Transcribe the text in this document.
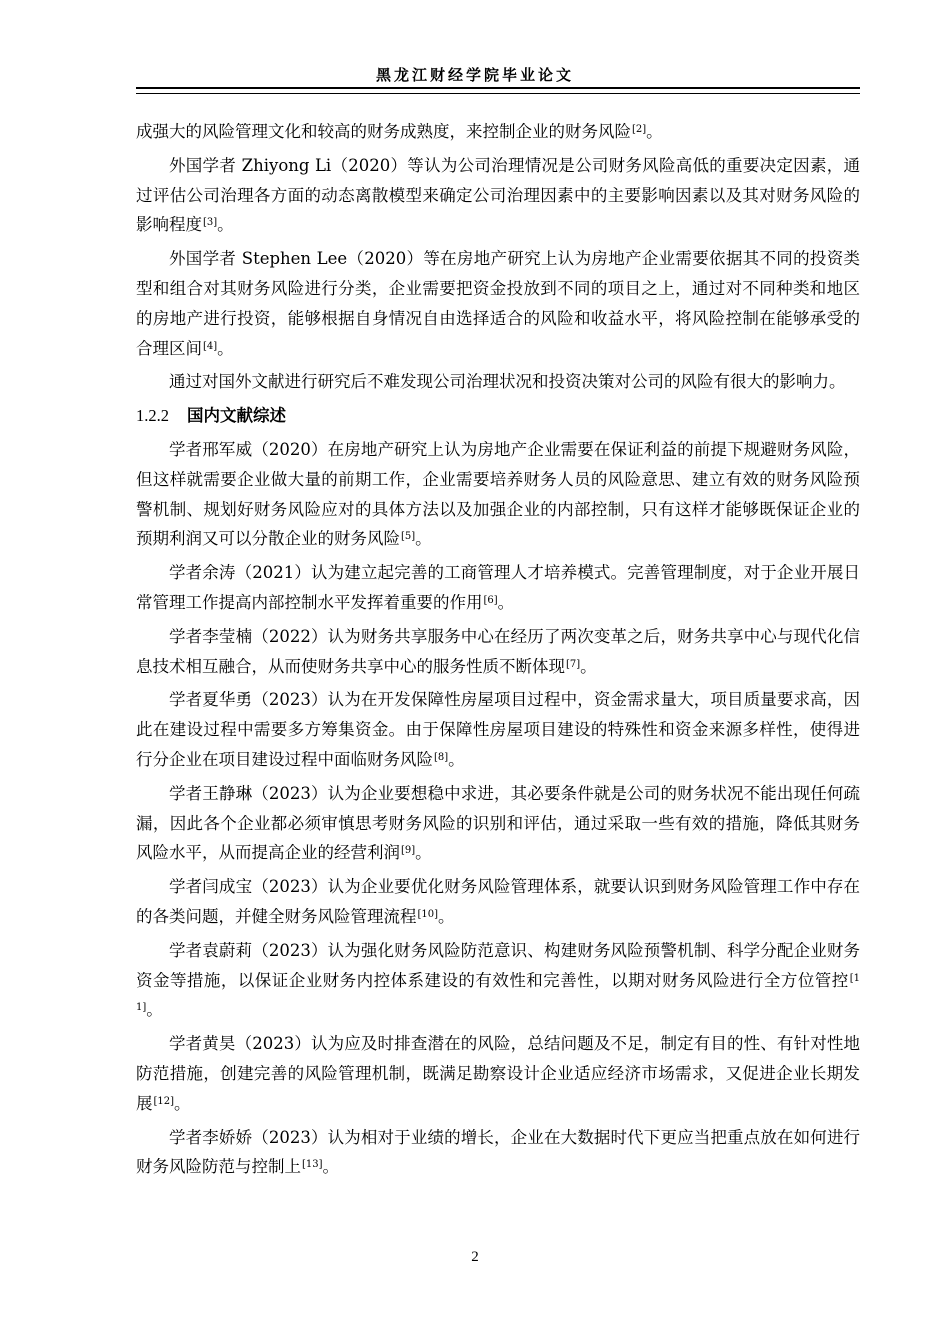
黑龙江财经学院毕业论文
成强大的风险管理文化和较高的财务成熟度，来控制企业的财务风险[2]。
外国学者 Zhiyong Li（2020）等认为公司治理情况是公司财务风险高低的重要决定因素，通过评估公司治理各方面的动态离散模型来确定公司治理因素中的主要影响因素以及其对财务风险的影响程度[3]。
外国学者 Stephen Lee（2020）等在房地产研究上认为房地产企业需要依据其不同的投资类型和组合对其财务风险进行分类，企业需要把资金投放到不同的项目之上，通过对不同种类和地区的房地产进行投资，能够根据自身情况自由选择适合的风险和收益水平，将风险控制在能够承受的合理区间[4]。
通过对国外文献进行研究后不难发现公司治理状况和投资决策对公司的风险有很大的影响力。
1.2.2 国内文献综述
学者邢军威（2020）在房地产研究上认为房地产企业需要在保证利益的前提下规避财务风险，但这样就需要企业做大量的前期工作，企业需要培养财务人员的风险意思、建立有效的财务风险预警机制、规划好财务风险应对的具体方法以及加强企业的内部控制，只有这样才能够既保证企业的预期利润又可以分散企业的财务风险[5]。
学者余涛（2021）认为建立起完善的工商管理人才培养模式。完善管理制度，对于企业开展日常管理工作提高内部控制水平发挥着重要的作用[6]。
学者李莹楠（2022）认为财务共享服务中心在经历了两次变革之后，财务共享中心与现代化信息技术相互融合，从而使财务共享中心的服务性质不断体现[7]。
学者夏华勇（2023）认为在开发保障性房屋项目过程中，资金需求量大，项目质量要求高，因此在建设过程中需要多方筹集资金。由于保障性房屋项目建设的特殊性和资金来源多样性，使得进行分企业在项目建设过程中面临财务风险[8]。
学者王静琳（2023）认为企业要想稳中求进，其必要条件就是公司的财务状况不能出现任何疏漏，因此各个企业都必须审慎思考财务风险的识别和评估，通过采取一些有效的措施，降低其财务风险水平，从而提高企业的经营利润[9]。
学者闫成宝（2023）认为企业要优化财务风险管理体系，就要认识到财务风险管理工作中存在的各类问题，并健全财务风险管理流程[10]。
学者袁蔚莉（2023）认为强化财务风险防范意识、构建财务风险预警机制、科学分配企业财务资金等措施，以保证企业财务内控体系建设的有效性和完善性，以期对财务风险进行全方位管控[11]。
学者黄昊（2023）认为应及时排查潜在的风险，总结问题及不足，制定有目的性、有针对性地防范措施，创建完善的风险管理机制，既满足勘察设计企业适应经济市场需求，又促进企业长期发展[12]。
学者李娇娇（2023）认为相对于业绩的增长，企业在大数据时代下更应当把重点放在如何进行财务风险防范与控制上[13]。
2
